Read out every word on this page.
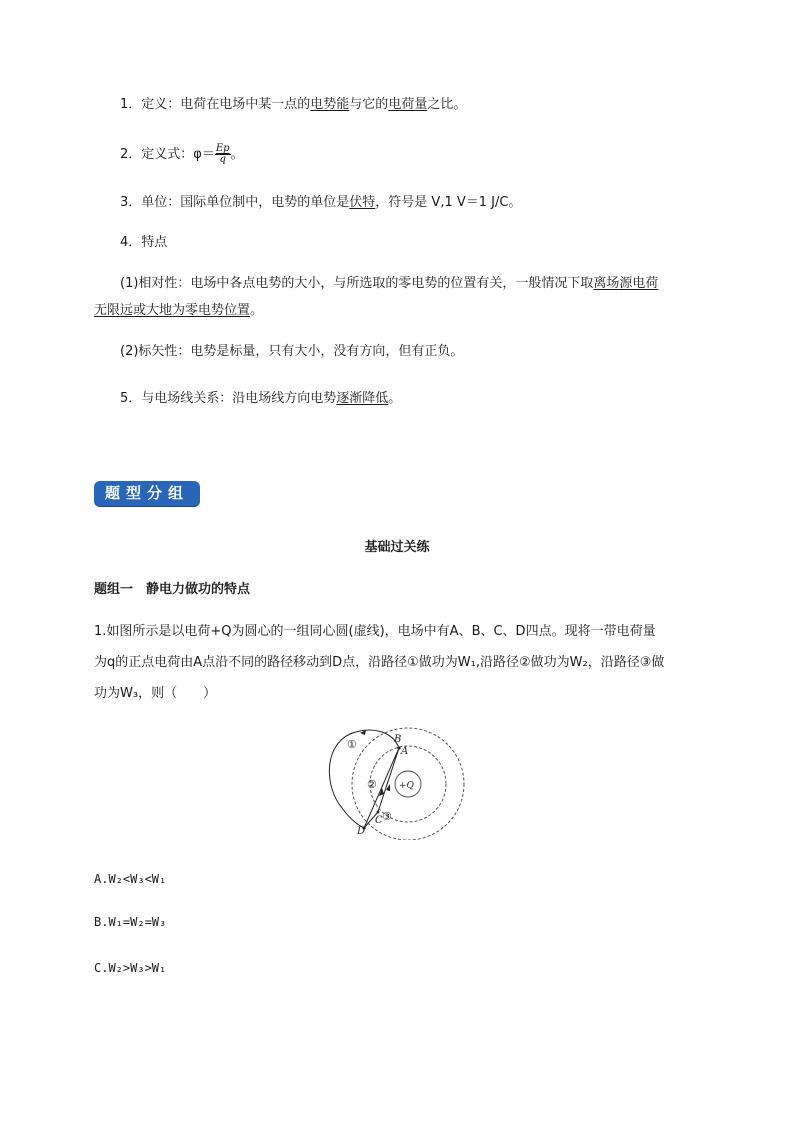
1．定义：电荷在电场中某一点的电势能与它的电荷量之比。
2．定义式：$\varphi= \frac{Ep}{q}$ 。
3．单位：国际单位制中，电势的单位是伏特，符号是 V,1 V＝1 J/C。
4．特点
(1)相对性：电场中各点电势的大小，与所选取的零电势的位置有关，一般情况下取离场源电荷
无限远或大地为零电势位置。
(2)标矢性：电势是标量，只有大小，没有方向，但有正负。
5．与电场线关系：沿电场线方向电势逐渐降低。
题型分组
基础过关练
题组一　静电力做功的特点
1.如图所示是以电荷+Q为圆心的一组同心圆(虚线)，电场中有A、B、C、D四点。现将一带电荷量
为q的正点电荷由A点沿不同的路径移动到D点，沿路径①做功为W₁,沿路径②做功为W₂，沿路径③做
功为W₃，则（　　）
B
A
C
D
+Q
①
②
③
A.W₂<W₃<W₁
B.W₁=W₂=W₃
C.W₂>W₃>W₁
